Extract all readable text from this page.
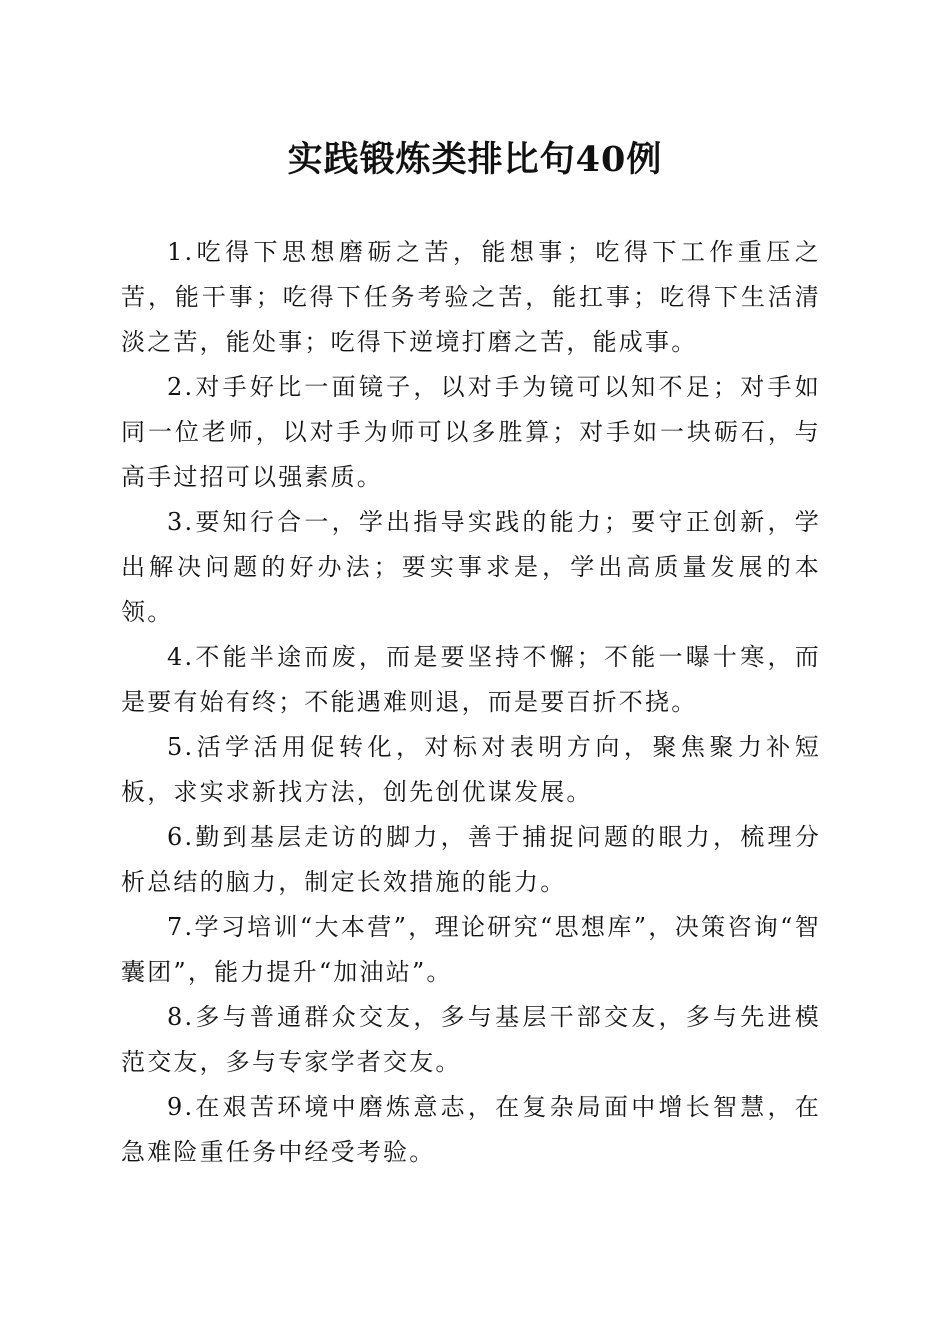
实践锻炼类排比句40例

1.吃得下思想磨砺之苦，能想事；吃得下工作重压之苦，能干事；吃得下任务考验之苦，能扛事；吃得下生活清淡之苦，能处事；吃得下逆境打磨之苦，能成事。

2.对手好比一面镜子，以对手为镜可以知不足；对手如同一位老师，以对手为师可以多胜算；对手如一块砺石，与高手过招可以强素质。

3.要知行合一，学出指导实践的能力；要守正创新，学出解决问题的好办法；要实事求是，学出高质量发展的本领。

4.不能半途而废，而是要坚持不懈；不能一曝十寒，而是要有始有终；不能遇难则退，而是要百折不挠。

5.活学活用促转化，对标对表明方向，聚焦聚力补短板，求实求新找方法，创先创优谋发展。

6.勤到基层走访的脚力，善于捕捉问题的眼力，梳理分析总结的脑力，制定长效措施的能力。

7.学习培训“大本营”，理论研究“思想库”，决策咨询“智囊团”，能力提升“加油站”。

8.多与普通群众交友，多与基层干部交友，多与先进模范交友，多与专家学者交友。

9.在艰苦环境中磨炼意志，在复杂局面中增长智慧，在急难险重任务中经受考验。
